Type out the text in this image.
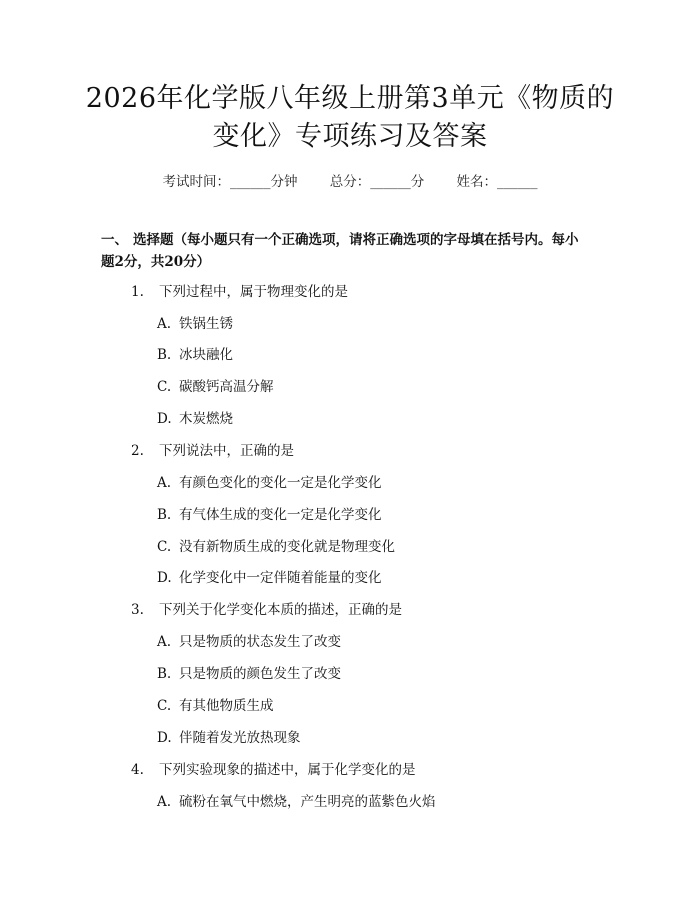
2026年化学版八年级上册第3单元《物质的
变化》专项练习及答案
考试时间：______分钟 总分：______分 姓名：______
一、 选择题（每小题只有一个正确选项，请将正确选项的字母填在括号内。每小
题2分，共20分）
1. 下列过程中，属于物理变化的是
A. 铁锅生锈
B. 冰块融化
C. 碳酸钙高温分解
D. 木炭燃烧
2. 下列说法中，正确的是
A. 有颜色变化的变化一定是化学变化
B. 有气体生成的变化一定是化学变化
C. 没有新物质生成的变化就是物理变化
D. 化学变化中一定伴随着能量的变化
3. 下列关于化学变化本质的描述，正确的是
A. 只是物质的状态发生了改变
B. 只是物质的颜色发生了改变
C. 有其他物质生成
D. 伴随着发光放热现象
4. 下列实验现象的描述中，属于化学变化的是
A. 硫粉在氧气中燃烧，产生明亮的蓝紫色火焰
